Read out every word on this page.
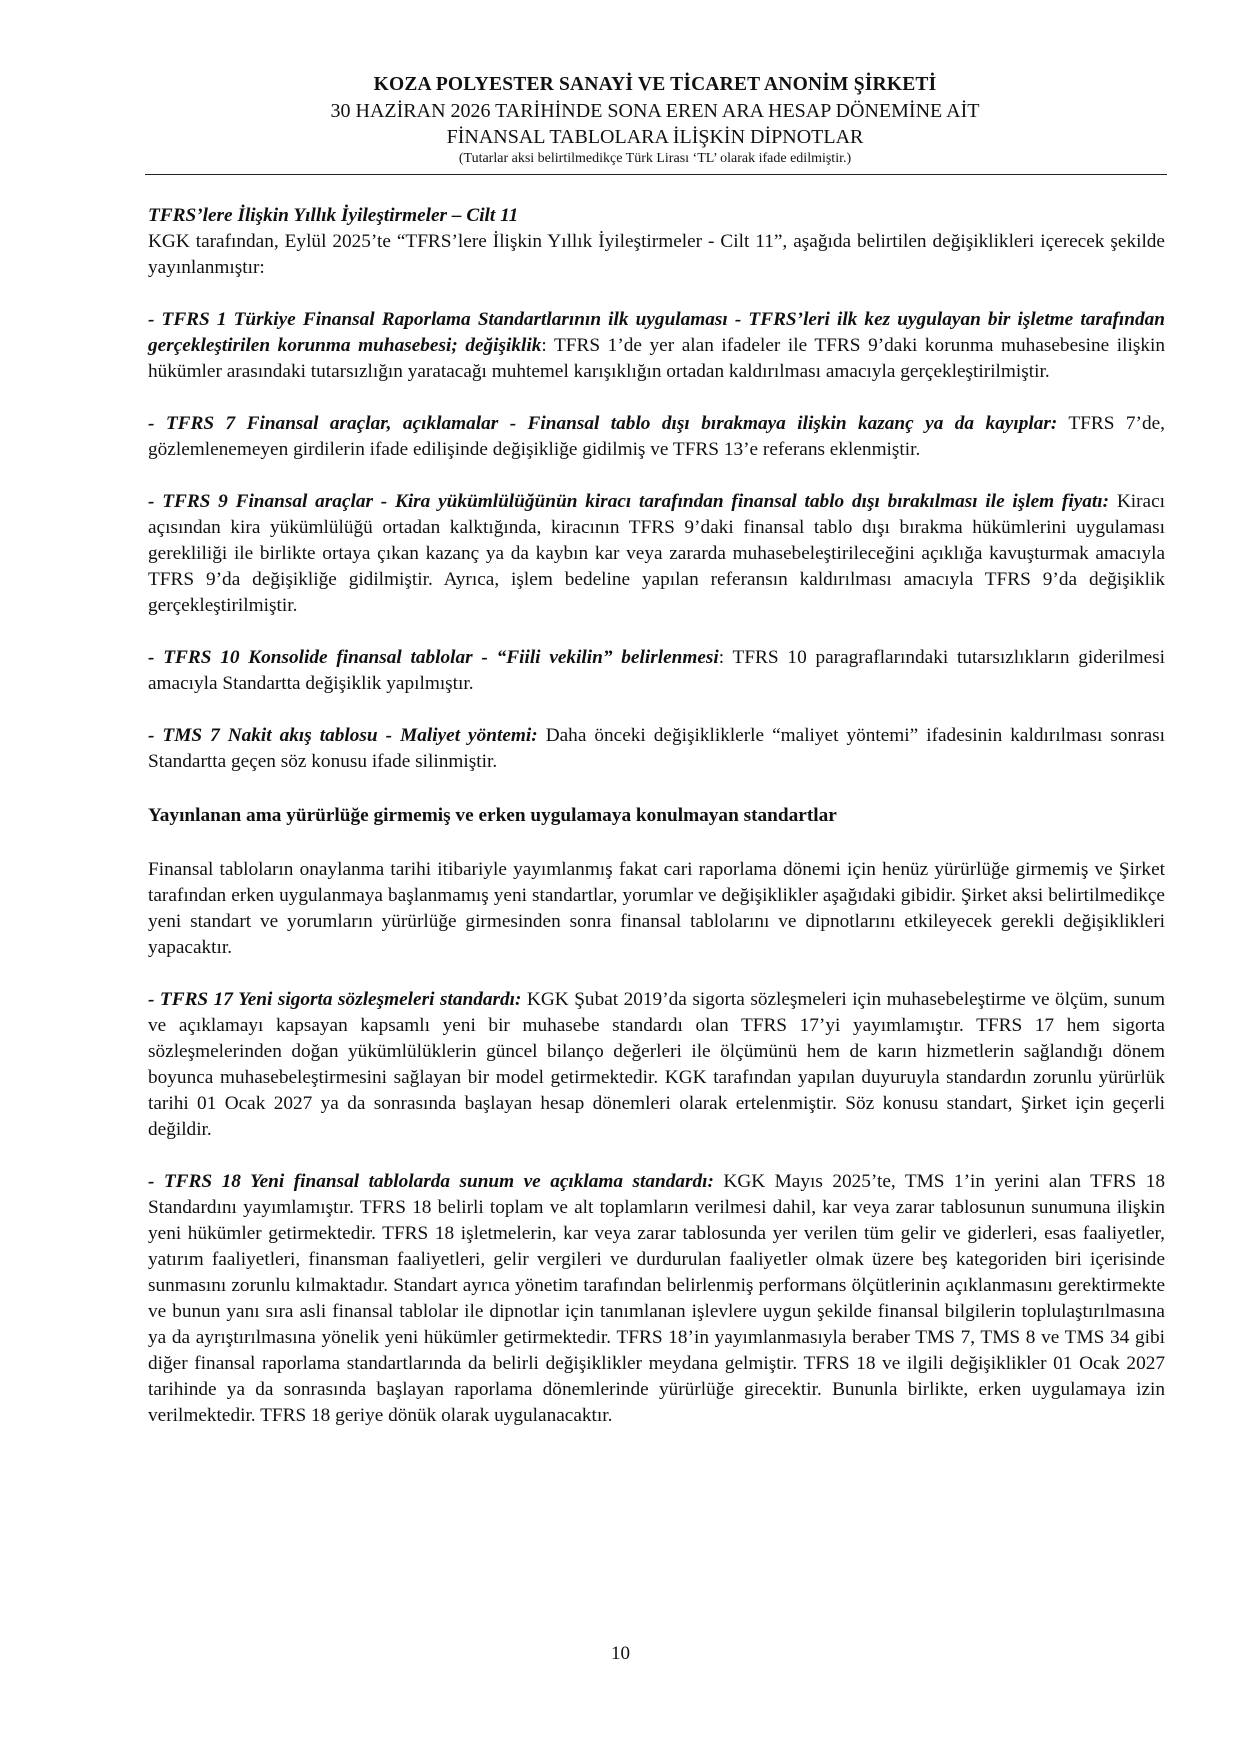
KOZA POLYESTER SANAYİ VE TİCARET ANONİM ŞİRKETİ
30 HAZİRAN 2026 TARİHİNDE SONA EREN ARA HESAP DÖNEMİNE AİT
FİNANSAL TABLOLARA İLİŞKİN DİPNOTLAR
(Tutarlar aksi belirtilmedikçe Türk Lirası ‘TL’ olarak ifade edilmiştir.)

TFRS’lere İlişkin Yıllık İyileştirmeler – Cilt 11

KGK tarafından, Eylül 2025’te “TFRS’lere İlişkin Yıllık İyileştirmeler - Cilt 11”, aşağıda belirtilen değişiklikleri içerecek şekilde yayınlanmıştır:

- TFRS 1 Türkiye Finansal Raporlama Standartlarının ilk uygulaması - TFRS’leri ilk kez uygulayan bir işletme tarafından gerçekleştirilen korunma muhasebesi; değişiklik: TFRS 1’de yer alan ifadeler ile TFRS 9’daki korunma muhasebesine ilişkin hükümler arasındaki tutarsızlığın yaratacağı muhtemel karışıklığın ortadan kaldırılması amacıyla gerçekleştirilmiştir.

- TFRS 7 Finansal araçlar, açıklamalar - Finansal tablo dışı bırakmaya ilişkin kazanç ya da kayıplar: TFRS 7’de, gözlemlenemeyen girdilerin ifade edilişinde değişikliğe gidilmiş ve TFRS 13’e referans eklenmiştir.

- TFRS 9 Finansal araçlar - Kira yükümlülüğünün kiracı tarafından finansal tablo dışı bırakılması ile işlem fiyatı: Kiracı açısından kira yükümlülüğü ortadan kalktığında, kiracının TFRS 9’daki finansal tablo dışı bırakma hükümlerini uygulaması gerekliliği ile birlikte ortaya çıkan kazanç ya da kaybın kar veya zararda muhasebeleştirileceğini açıklığa kavuşturmak amacıyla TFRS 9’da değişikliğe gidilmiştir. Ayrıca, işlem bedeline yapılan referansın kaldırılması amacıyla TFRS 9’da değişiklik gerçekleştirilmiştir.

- TFRS 10 Konsolide finansal tablolar - “Fiili vekilin” belirlenmesi: TFRS 10 paragraflarındaki tutarsızlıkların giderilmesi amacıyla Standartta değişiklik yapılmıştır.

- TMS 7 Nakit akış tablosu - Maliyet yöntemi: Daha önceki değişikliklerle “maliyet yöntemi” ifadesinin kaldırılması sonrası Standartta geçen söz konusu ifade silinmiştir.

Yayınlanan ama yürürlüğe girmemiş ve erken uygulamaya konulmayan standartlar

Finansal tabloların onaylanma tarihi itibariyle yayımlanmış fakat cari raporlama dönemi için henüz yürürlüğe girmemiş ve Şirket tarafından erken uygulanmaya başlanmamış yeni standartlar, yorumlar ve değişiklikler aşağıdaki gibidir. Şirket aksi belirtilmedikçe yeni standart ve yorumların yürürlüğe girmesinden sonra finansal tablolarını ve dipnotlarını etkileyecek gerekli değişiklikleri yapacaktır.

- TFRS 17 Yeni sigorta sözleşmeleri standardı: KGK Şubat 2019’da sigorta sözleşmeleri için muhasebeleştirme ve ölçüm, sunum ve açıklamayı kapsayan kapsamlı yeni bir muhasebe standardı olan TFRS 17’yi yayımlamıştır. TFRS 17 hem sigorta sözleşmelerinden doğan yükümlülüklerin güncel bilanço değerleri ile ölçümünü hem de karın hizmetlerin sağlandığı dönem boyunca muhasebeleştirmesini sağlayan bir model getirmektedir. KGK tarafından yapılan duyuruyla standardın zorunlu yürürlük tarihi 01 Ocak 2027 ya da sonrasında başlayan hesap dönemleri olarak ertelenmiştir. Söz konusu standart, Şirket için geçerli değildir.

- TFRS 18 Yeni finansal tablolarda sunum ve açıklama standardı: KGK Mayıs 2025’te, TMS 1’in yerini alan TFRS 18 Standardını yayımlamıştır. TFRS 18 belirli toplam ve alt toplamların verilmesi dahil, kar veya zarar tablosunun sunumuna ilişkin yeni hükümler getirmektedir. TFRS 18 işletmelerin, kar veya zarar tablosunda yer verilen tüm gelir ve giderleri, esas faaliyetler, yatırım faaliyetleri, finansman faaliyetleri, gelir vergileri ve durdurulan faaliyetler olmak üzere beş kategoriden biri içerisinde sunmasını zorunlu kılmaktadır. Standart ayrıca yönetim tarafından belirlenmiş performans ölçütlerinin açıklanmasını gerektirmekte ve bunun yanı sıra asli finansal tablolar ile dipnotlar için tanımlanan işlevlere uygun şekilde finansal bilgilerin toplulaştırılmasına ya da ayrıştırılmasına yönelik yeni hükümler getirmektedir. TFRS 18’in yayımlanmasıyla beraber TMS 7, TMS 8 ve TMS 34 gibi diğer finansal raporlama standartlarında da belirli değişiklikler meydana gelmiştir. TFRS 18 ve ilgili değişiklikler 01 Ocak 2027 tarihinde ya da sonrasında başlayan raporlama dönemlerinde yürürlüğe girecektir. Bununla birlikte, erken uygulamaya izin verilmektedir. TFRS 18 geriye dönük olarak uygulanacaktır.

10
